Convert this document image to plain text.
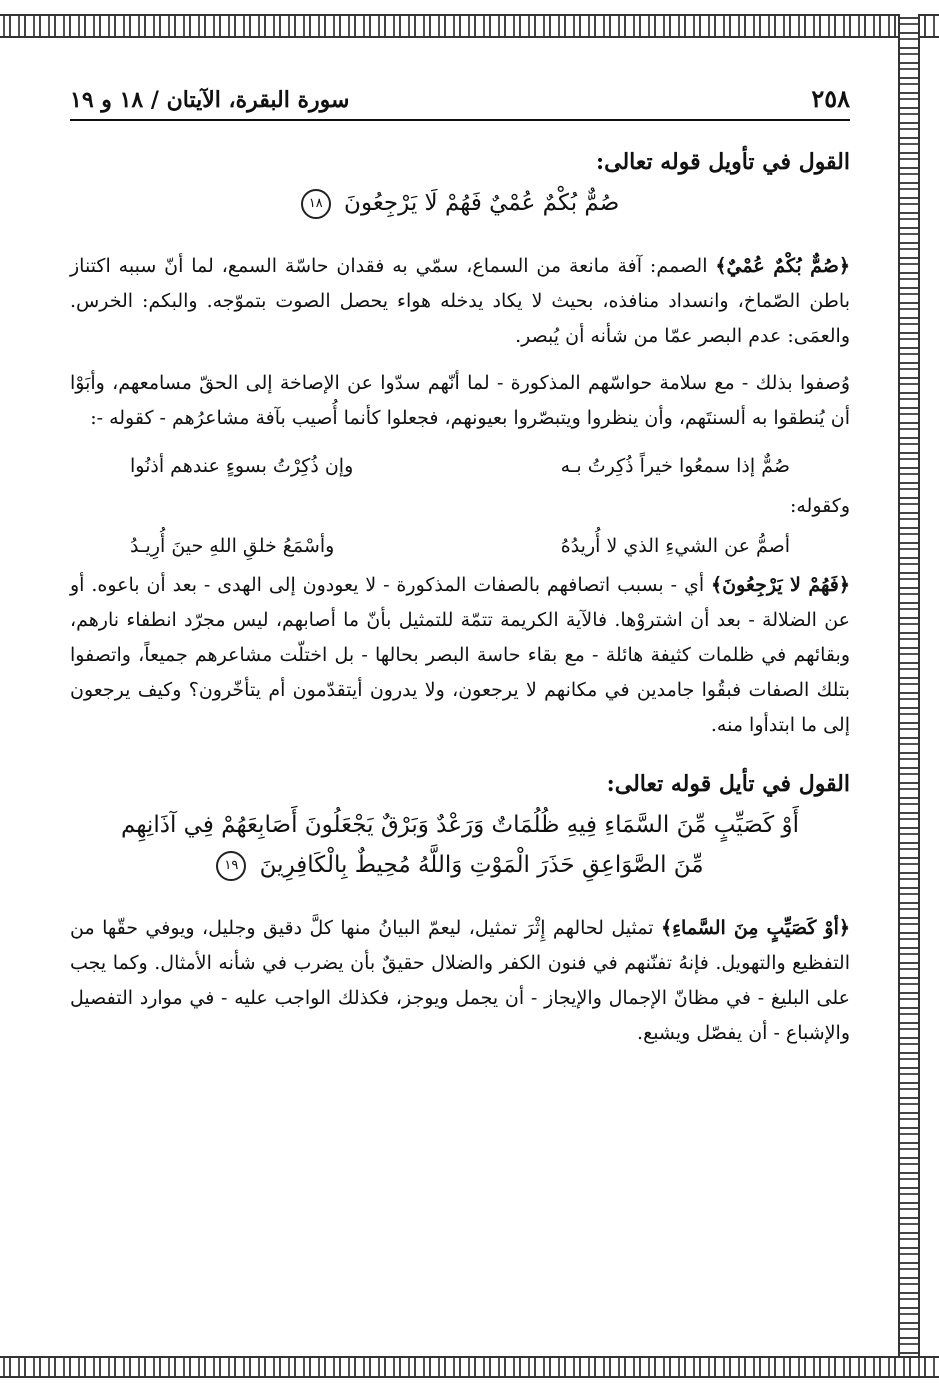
٢٥٨
سورة البقرة، الآيتان / ١٨ و ١٩
القول في تأويل قوله تعالى:
صُمٌّ بُكْمٌ عُمْيٌ فَهُمْ لَا يَرْجِعُونَ ١٨

﴿صُمٌّ بُكْمٌ عُمْيٌ﴾ الصمم: آفة مانعة من السماع، سمّي به فقدان حاسّة السمع، لما أنّ سببه اكتناز باطن الصّماخ، وانسداد منافذه، بحيث لا يكاد يدخله هواء يحصل الصوت بتموّجه. والبكم: الخرس. والعمَى: عدم البصر عمّا من شأنه أن يُبصر.

وُصفوا بذلك - مع سلامة حواسّهم المذكورة - لما أنّهم سدّوا عن الإصاخة إلى الحقّ مسامعهم، وأبَوْا أن يُنطقوا به ألسنتَهم، وأن ينظروا ويتبصّروا بعيونهم، فجعلوا كأنما أُصيب بآفة مشاعرُهم - كقوله -:

صُمٌّ إذا سمعُوا خيراً ذُكِرتُ بـه
وإن ذُكِرْتُ بسوءٍ عندهم أذنُوا

وكقوله:

أصمُّ عن الشيءِ الذي لا أُريدُهُ
وأسْمَعُ خلقِ اللهِ حينَ أُرِيـدُ

﴿فَهُمْ لا يَرْجِعُونَ﴾ أي - بسبب اتصافهم بالصفات المذكورة - لا يعودون إلى الهدى - بعد أن باعوه. أو عن الضلالة - بعد أن اشتروْها. فالآية الكريمة تتمّة للتمثيل بأنّ ما أصابهم، ليس مجرّد انطفاء نارهم، وبقائهم في ظلمات كثيفة هائلة - مع بقاء حاسة البصر بحالها - بل اختلّت مشاعرهم جميعاً، واتصفوا بتلك الصفات فبقُوا جامدين في مكانهم لا يرجعون، ولا يدرون أيتقدّمون أم يتأخّرون؟ وكيف يرجعون إلى ما ابتدأوا منه.

القول في تأيل قوله تعالى:
أَوْ كَصَيِّبٍ مِّنَ السَّمَاءِ فِيهِ ظُلُمَاتٌ وَرَعْدٌ وَبَرْقٌ يَجْعَلُونَ أَصَابِعَهُمْ فِي آذَانِهِم
مِّنَ الصَّوَاعِقِ حَذَرَ الْمَوْتِ وَاللَّهُ مُحِيطٌ بِالْكَافِرِينَ ١٩

﴿أوْ كَصَيِّبٍ مِنَ السَّماءِ﴾ تمثيل لحالهم إِثْرَ تمثيل، ليعمّ البيانُ منها كلَّ دقيق وجليل، ويوفي حقّها من التفظيع والتهويل. فإنهُ تفنّنهم في فنون الكفر والضلال حقيقٌ بأن يضرب في شأنه الأمثال. وكما يجب على البليغ - في مظانّ الإجمال والإيجاز - أن يجمل ويوجز، فكذلك الواجب عليه - في موارد التفصيل والإشباع - أن يفصّل ويشبع.
